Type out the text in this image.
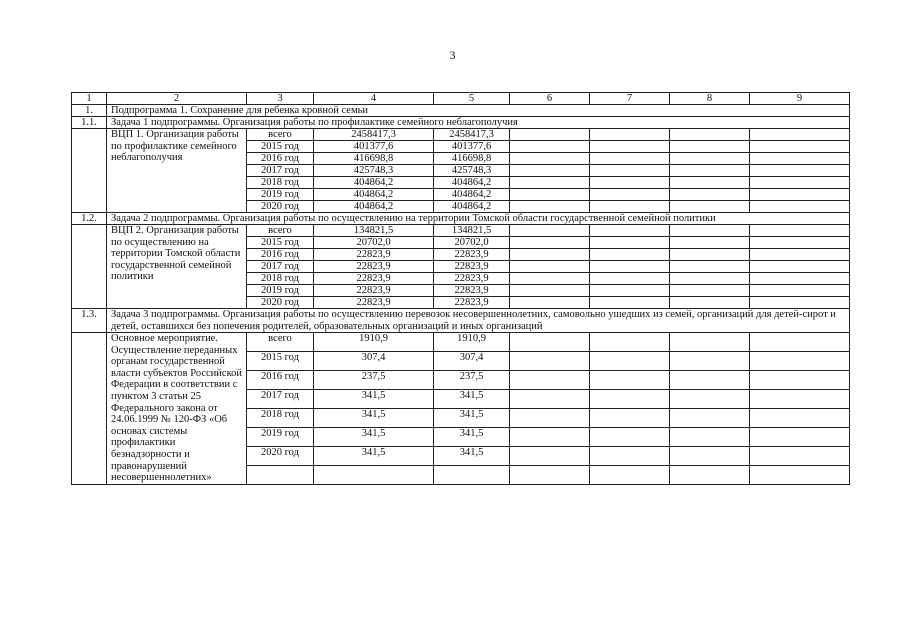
3
1	2	3	4	5	6	7	8	9
1.	Подпрограмма 1. Сохранение для ребенка кровной семьи							
1.1.	Задача 1 подпрограммы. Организация работы по профилактике семейного неблагополучия							
	ВЦП 1. Организация работы по профилактике семейного неблагополучия	всего	2458417,3	2458417,3				
		2015 год	401377,6	401377,6				
		2016 год	416698,8	416698,8				
		2017 год	425748,3	425748,3				
		2018 год	404864,2	404864,2				
		2019 год	404864,2	404864,2				
		2020 год	404864,2	404864,2				
1.2.	Задача 2 подпрограммы. Организация работы по осуществлению на территории Томской области государственной семейной политики							
	ВЦП 2. Организация работы по осуществлению на территории Томской области государственной семейной политики	всего	134821,5	134821,5				
		2015 год	20702,0	20702,0				
		2016 год	22823,9	22823,9				
		2017 год	22823,9	22823,9				
		2018 год	22823,9	22823,9				
		2019 год	22823,9	22823,9				
		2020 год	22823,9	22823,9				
1.3.	Задача 3 подпрограммы. Организация работы по осуществлению перевозок несовершеннолетних, самовольно ушедших из семей, организаций для детей-сирот и детей, оставшихся без попечения родителей, образовательных организаций и иных организаций							
	Основное мероприятие. Осуществление переданных органам государственной власти субъектов Российской Федерации в соответствии с пунктом 3 статьи 25 Федерального закона от 24.06.1999 № 120-ФЗ «Об основах системы профилактики безнадзорности и правонарушений несовершеннолетних»	всего	1910,9	1910,9				
		2015 год	307,4	307,4				
		2016 год	237,5	237,5				
		2017 год	341,5	341,5				
		2018 год	341,5	341,5				
		2019 год	341,5	341,5				
		2020 год	341,5	341,5				
